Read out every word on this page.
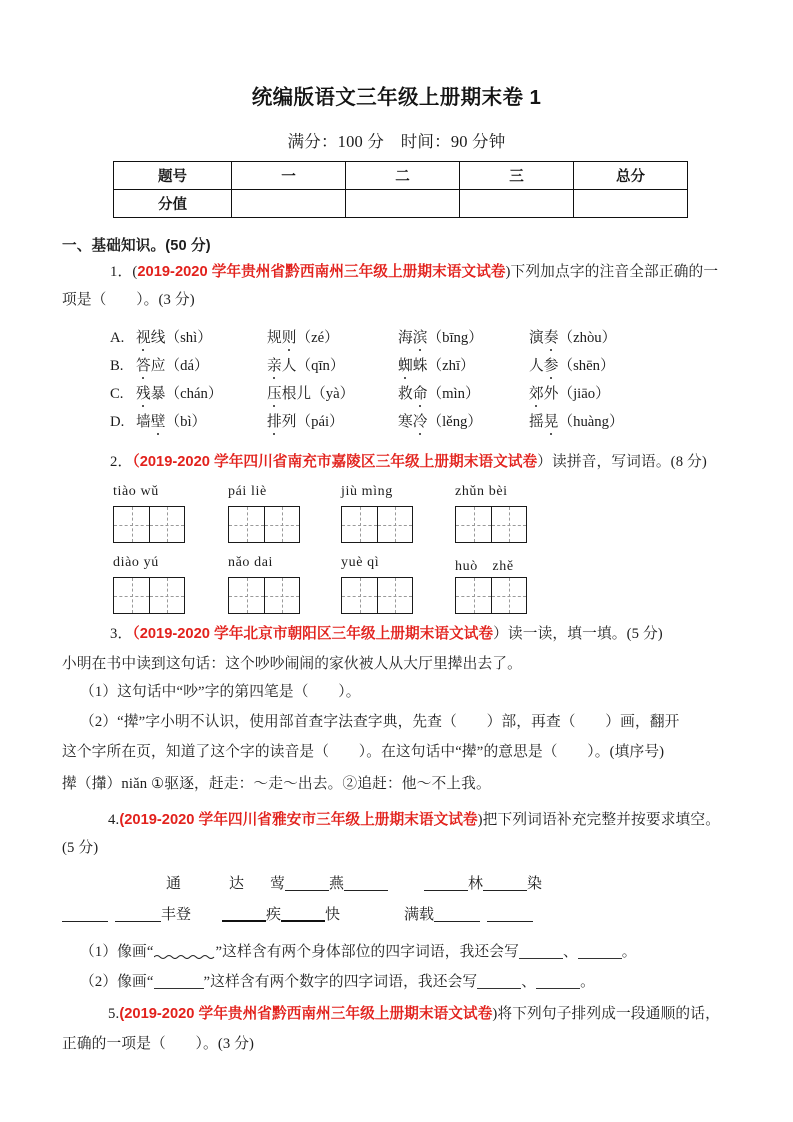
统编版语文三年级上册期末卷 1
满分：100 分　时间：90 分钟
题号	一	二	三	总分
分值				
一、基础知识。(50 分)
1．(2019-2020 学年贵州省黔西南州三年级上册期末语文试卷)下列加点字的注音全部正确的一
项是（　　）。(3 分)
A. 视线（shì）	规则（zé）	海滨（bīng）	演奏（zhòu）
B. 答应（dá）	亲人（qīn）	蜘蛛（zhī）	人参（shēn）
C. 残暴（chán）	压根儿（yà）	救命（mìn）	郊外（jiāo）
D. 墙壁（bì）	排列（pái）	寒冷（lěng）	摇晃（huàng）
2．（2019-2020 学年四川省南充市嘉陵区三年级上册期末语文试卷）读拼音，写词语。(8 分)
tiào wǔ	pái liè	jiù mìng	zhǔn bèi
diào yú	nǎo dai	yuè qì	huò　zhě
3．（2019-2020 学年北京市朝阳区三年级上册期末语文试卷）读一读，填一填。(5 分)
小明在书中读到这句话：这个吵吵闹闹的家伙被人从大厅里撵出去了。
（1）这句话中“吵”字的第四笔是（　　）。
（2）“撵”字小明不认识，使用部首查字法查字典，先查（　　）部，再查（　　）画，翻开
这个字所在页，知道了这个字的读音是（　　）。在这句话中“撵”的意思是（　　）。(填序号)
撵（攆）niǎn ①驱逐，赶走：～走～出去。②追赶：他～不上我。
4.(2019-2020 学年四川省雅安市三年级上册期末语文试卷)把下列词语补充完整并按要求填空。
(5 分)
通	达 莺	燕	林	染
丰登	疾	快	满载
（1）像画“	”这样含有两个身体部位的四字词语，我还会写	、	。
（2）像画“	”这样含有两个数字的四字词语，我还会写	、	。
5.(2019-2020 学年贵州省黔西南州三年级上册期末语文试卷)将下列句子排列成一段通顺的话，
正确的一项是（　　）。(3 分)
